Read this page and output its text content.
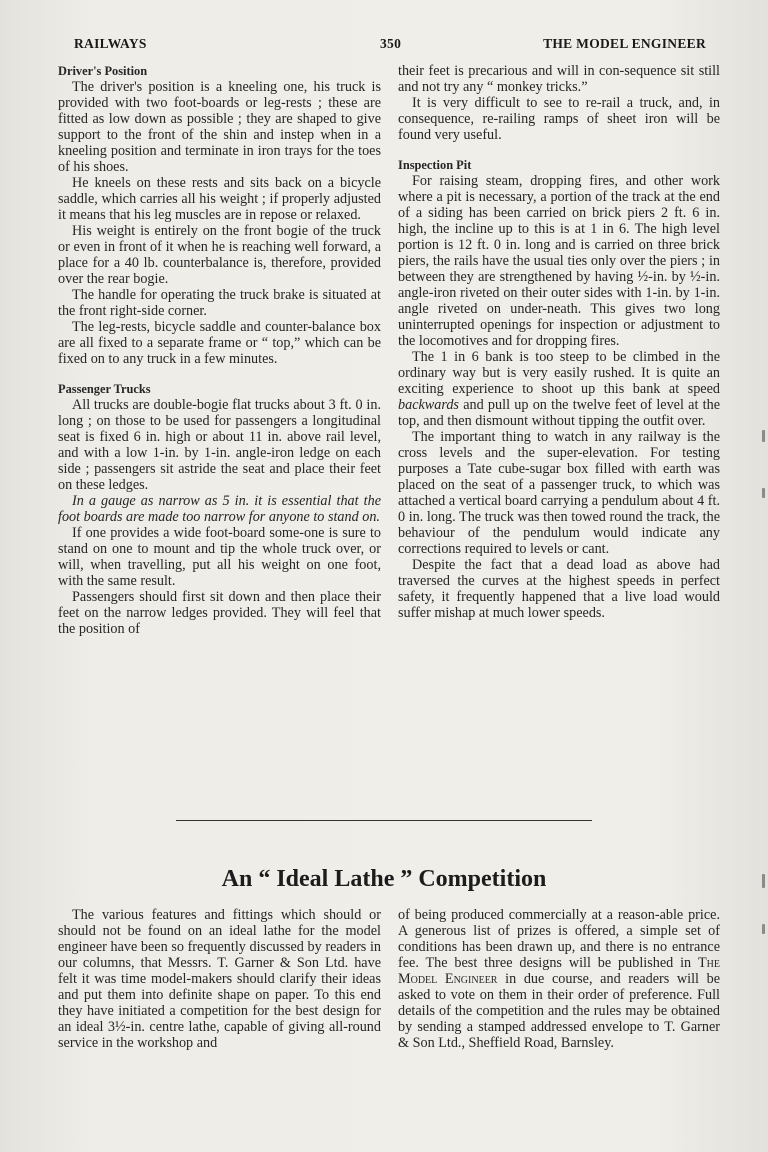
RAILWAYS	350	THE MODEL ENGINEER
Driver's Position

The driver's position is a kneeling one, his truck is provided with two foot-boards or leg-rests ; these are fitted as low down as possible ; they are shaped to give support to the front of the shin and instep when in a kneeling position and terminate in iron trays for the toes of his shoes.

He kneels on these rests and sits back on a bicycle saddle, which carries all his weight ; if properly adjusted it means that his leg muscles are in repose or relaxed.

His weight is entirely on the front bogie of the truck or even in front of it when he is reaching well forward, a place for a 40 lb. counterbalance is, therefore, provided over the rear bogie.

The handle for operating the truck brake is situated at the front right-side corner.

The leg-rests, bicycle saddle and counter-balance box are all fixed to a separate frame or “ top,” which can be fixed on to any truck in a few minutes.

Passenger Trucks

All trucks are double-bogie flat trucks about 3 ft. 0 in. long ; on those to be used for passengers a longitudinal seat is fixed 6 in. high or about 11 in. above rail level, and with a low 1-in. by 1-in. angle-iron ledge on each side ; passengers sit astride the seat and place their feet on these ledges.

In a gauge as narrow as 5 in. it is essential that the foot boards are made too narrow for anyone to stand on.

If one provides a wide foot-board some-one is sure to stand on one to mount and tip the whole truck over, or will, when travelling, put all his weight on one foot, with the same result.

Passengers should first sit down and then place their feet on the narrow ledges provided. They will feel that the position of

their feet is precarious and will in con-sequence sit still and not try any “ monkey tricks.”

It is very difficult to see to re-rail a truck, and, in consequence, re-railing ramps of sheet iron will be found very useful.

Inspection Pit

For raising steam, dropping fires, and other work where a pit is necessary, a portion of the track at the end of a siding has been carried on brick piers 2 ft. 6 in. high, the incline up to this is at 1 in 6. The high level portion is 12 ft. 0 in. long and is carried on three brick piers, the rails have the usual ties only over the piers ; in between they are strengthened by having ½-in. by ½-in. angle-iron riveted on their outer sides with 1-in. by 1-in. angle riveted on under-neath. This gives two long uninterrupted openings for inspection or adjustment to the locomotives and for dropping fires.

The 1 in 6 bank is too steep to be climbed in the ordinary way but is very easily rushed. It is quite an exciting experience to shoot up this bank at speed backwards and pull up on the twelve feet of level at the top, and then dismount without tipping the outfit over.

The important thing to watch in any railway is the cross levels and the super-elevation. For testing purposes a Tate cube-sugar box filled with earth was placed on the seat of a passenger truck, to which was attached a vertical board carrying a pendulum about 4 ft. 0 in. long. The truck was then towed round the track, the behaviour of the pendulum would indicate any corrections required to levels or cant.

Despite the fact that a dead load as above had traversed the curves at the highest speeds in perfect safety, it frequently happened that a live load would suffer mishap at much lower speeds.

An “ Ideal Lathe ” Competition

The various features and fittings which should or should not be found on an ideal lathe for the model engineer have been so frequently discussed by readers in our columns, that Messrs. T. Garner & Son Ltd. have felt it was time model-makers should clarify their ideas and put them into definite shape on paper. To this end they have initiated a competition for the best design for an ideal 3½-in. centre lathe, capable of giving all-round service in the workshop and

of being produced commercially at a reason-able price. A generous list of prizes is offered, a simple set of conditions has been drawn up, and there is no entrance fee. The best three designs will be published in The Model Engineer in due course, and readers will be asked to vote on them in their order of preference. Full details of the competition and the rules may be obtained by sending a stamped addressed envelope to T. Garner & Son Ltd., Sheffield Road, Barnsley.
